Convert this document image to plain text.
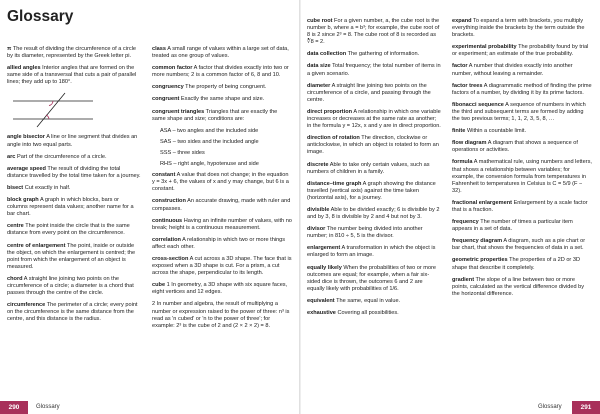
Glossary
π The result of dividing the circumference of a circle by its diameter, represented by the Greek letter pi.
allied angles Interior angles that are formed on the same side of a transversal that cuts a pair of parallel lines; they add up to 180°.
angle bisector A line or line segment that divides an angle into two equal parts.
arc Part of the circumference of a circle.
average speed The result of dividing the total distance travelled by the total time taken for a journey.
bisect Cut exactly in half.
block graph A graph in which blocks, bars or columns represent data values; another name for a bar chart.
centre The point inside the circle that is the same distance from every point on the circumference.
centre of enlargement The point, inside or outside the object, on which the enlargement is centred; the point from which the enlargement of an object is measured.
chord A straight line joining two points on the circumference of a circle; a diameter is a chord that passes through the centre of the circle.
circumference The perimeter of a circle; every point on the circumference is the same distance from the centre, and this distance is the radius.
class A small range of values within a large set of data, treated as one group of values.
common factor A factor that divides exactly into two or more numbers; 2 is a common factor of 6, 8 and 10.
congruency The property of being congruent.
congruent Exactly the same shape and size.
congruent triangles Triangles that are exactly the same shape and size; conditions are:
ASA – two angles and the included side
SAS – two sides and the included angle
SSS – three sides
RHS – right angle, hypotenuse and side
constant A value that does not change; in the equation y = 3x + 6, the values of x and y may change, but 6 is a constant.
construction An accurate drawing, made with ruler and compasses.
continuous Having an infinite number of values, with no break; height is a continuous measurement.
correlation A relationship in which two or more things affect each other.
cross-section A cut across a 3D shape. The face that is exposed when a 3D shape is cut. For a prism, a cut across the shape, perpendicular to its length.
cube 1 In geometry, a 3D shape with six square faces, eight vertices and 12 edges.
2 In number and algebra, the result of multiplying a number or expression raised to the power of three: n³ is read as 'n cubed' or 'n to the power of three'; for example: 2³ is the cube of 2 and (2 × 2 × 2) = 8.
290	Glossary
cube root For a given number, a, the cube root is the number b, where a = b³; for example, the cube root of 8 is 2 since 2³ = 8. The cube root of 8 is recorded as ∛8 = 2.
data collection The gathering of information.
data size Total frequency; the total number of items in a given scenario.
diameter A straight line joining two points on the circumference of a circle, and passing through the centre.
direct proportion A relationship in which one variable increases or decreases at the same rate as another; in the formula y = 12x, x and y are in direct proportion.
direction of rotation The direction, clockwise or anticlockwise, in which an object is rotated to form an image.
discrete Able to take only certain values, such as numbers of children in a family.
distance–time graph A graph showing the distance travelled (vertical axis) against the time taken (horizontal axis), for a journey.
divisible Able to be divided exactly; 6 is divisible by 2 and by 3, 8 is divisible by 2 and 4 but not by 3.
divisor The number being divided into another number; in 810 ÷ 5, 5 is the divisor.
enlargement A transformation in which the object is enlarged to form an image.
equally likely When the probabilities of two or more outcomes are equal; for example, when a fair six-sided dice is thrown, the outcomes 6 and 2 are equally likely with probabilities of 1/6.
equivalent The same, equal in value.
exhaustive Covering all possibilities.
expand To expand a term with brackets, you multiply everything inside the brackets by the term outside the brackets.
experimental probability The probability found by trial or experiment; an estimate of the true probability.
factor A number that divides exactly into another number, without leaving a remainder.
factor trees A diagrammatic method of finding the prime factors of a number, by dividing it by its prime factors.
fibonacci sequence A sequence of numbers in which the third and subsequent terms are formed by adding the two previous terms; 1, 1, 2, 3, 5, 8, …
finite Within a countable limit.
flow diagram A diagram that shows a sequence of operations or activities.
formula A mathematical rule, using numbers and letters, that shows a relationship between variables; for example, the conversion formula from temperatures in Fahrenheit to temperatures in Celsius is C = 5/9 (F − 32).
fractional enlargement Enlargement by a scale factor that is a fraction.
frequency The number of times a particular item appears in a set of data.
frequency diagram A diagram, such as a pie chart or bar chart, that shows the frequencies of data in a set.
geometric properties The properties of a 2D or 3D shape that describe it completely.
gradient The slope of a line between two or more points, calculated as the vertical difference divided by the horizontal difference.
Glossary	291
